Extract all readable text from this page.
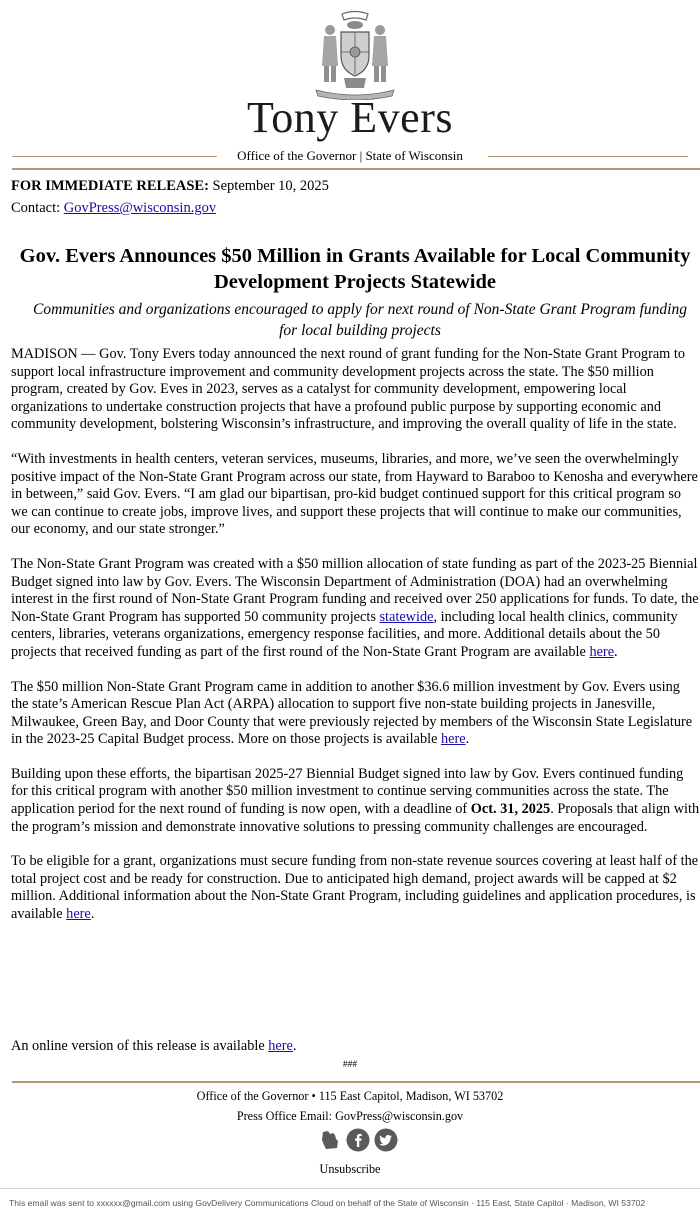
Tony Evers
Office of the Governor | State of Wisconsin
FOR IMMEDIATE RELEASE: September 10, 2025
Contact: GovPress@wisconsin.gov
Gov. Evers Announces $50 Million in Grants Available for Local Community Development Projects Statewide
Communities and organizations encouraged to apply for next round of Non-State Grant Program funding for local building projects

MADISON — Gov. Tony Evers today announced the next round of grant funding for the Non-State Grant Program to support local infrastructure improvement and community development projects across the state. The $50 million program, created by Gov. Eves in 2023, serves as a catalyst for community development, empowering local organizations to undertake construction projects that have a profound public purpose by supporting economic and community development, bolstering Wisconsin’s infrastructure, and improving the overall quality of life in the state.

“With investments in health centers, veteran services, museums, libraries, and more, we’ve seen the overwhelmingly positive impact of the Non-State Grant Program across our state, from Hayward to Baraboo to Kenosha and everywhere in between,” said Gov. Evers. “I am glad our bipartisan, pro-kid budget continued support for this critical program so we can continue to create jobs, improve lives, and support these projects that will continue to make our communities, our economy, and our state stronger.”

The Non-State Grant Program was created with a $50 million allocation of state funding as part of the 2023-25 Biennial Budget signed into law by Gov. Evers. The Wisconsin Department of Administration (DOA) had an overwhelming interest in the first round of Non-State Grant Program funding and received over 250 applications for funds. To date, the Non-State Grant Program has supported 50 community projects statewide, including local health clinics, community centers, libraries, veterans organizations, emergency response facilities, and more. Additional details about the 50 projects that received funding as part of the first round of the Non-State Grant Program are available here.

The $50 million Non-State Grant Program came in addition to another $36.6 million investment by Gov. Evers using the state’s American Rescue Plan Act (ARPA) allocation to support five non-state building projects in Janesville, Milwaukee, Green Bay, and Door County that were previously rejected by members of the Wisconsin State Legislature in the 2023-25 Capital Budget process. More on those projects is available here.

Building upon these efforts, the bipartisan 2025-27 Biennial Budget signed into law by Gov. Evers continued funding for this critical program with another $50 million investment to continue serving communities across the state. The application period for the next round of funding is now open, with a deadline of Oct. 31, 2025. Proposals that align with the program’s mission and demonstrate innovative solutions to pressing community challenges are encouraged.

To be eligible for a grant, organizations must secure funding from non-state revenue sources covering at least half of the total project cost and be ready for construction. Due to anticipated high demand, project awards will be capped at $2 million. Additional information about the Non-State Grant Program, including guidelines and application procedures, is available here.

An online version of this release is available here.
###
Office of the Governor • 115 East Capitol, Madison, WI 53702
Press Office Email: GovPress@wisconsin.gov
Unsubscribe
This email was sent to xxxxxx@gmail.com using GovDelivery Communications Cloud on behalf of the State of Wisconsin · 115 East, State Capitol · Madison, WI 53702
